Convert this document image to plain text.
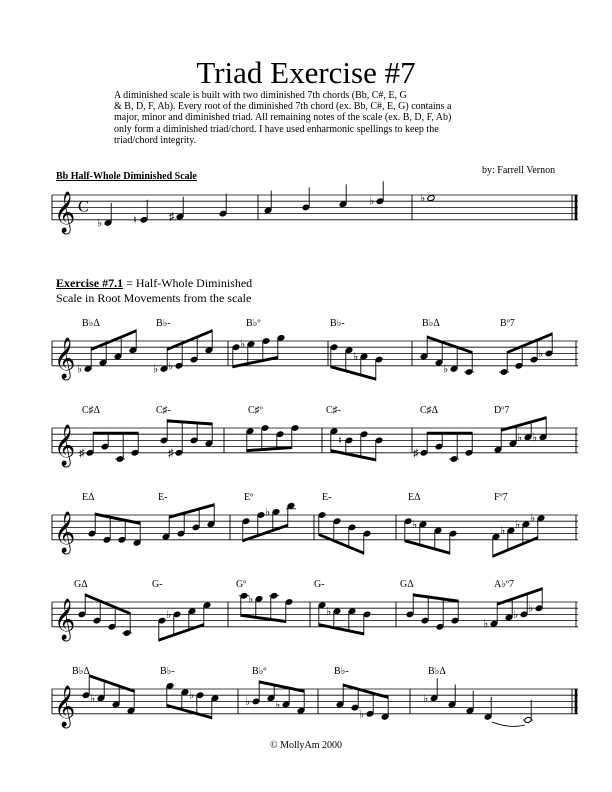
Triad Exercise #7
A diminished scale is built with two diminished 7th chords (Bb, C#, E, G
& B, D, F, Ab). Every root of the diminished 7th chord (ex. Bb, C#, E, G) contains a
major, minor and diminished triad. All remaining notes of the scale (ex. B, D, F, Ab)
only form a diminished triad/chord. I have used enharmonic spellings to keep the
triad/chord integrity.
by: Farrell Vernon
Bb Half-Whole Diminished Scale
Exercise #7.1 = Half-Whole Diminished
Scale in Root Movements from the scale
𝄞 C
♭	♮	♯
♭	♭
𝄞 ♭	♭ ♭
♭
♭
♭
♭
B♭Δ	B♭-	B♭º	B♭-	B♭Δ	Bº7
𝄞 ♯	♯
♮
♯
♭ ♭
C♯Δ	C♯-	C♯º	C♯-	C♯Δ	Dº7
𝄞	♭
♭
♭
♭
♭
EΔ	E-	Eº	E-	EΔ	Fº7
𝄞	♭
♭
♭
♭
♭
♭
GΔ	G-	Gº	G-	GΔ	A♭º7
𝄞 ♭	♭
♭ ♭
♭
B♭Δ	B♭-	B♭º	B♭-	B♭Δ
♭
© MollyAm 2000
